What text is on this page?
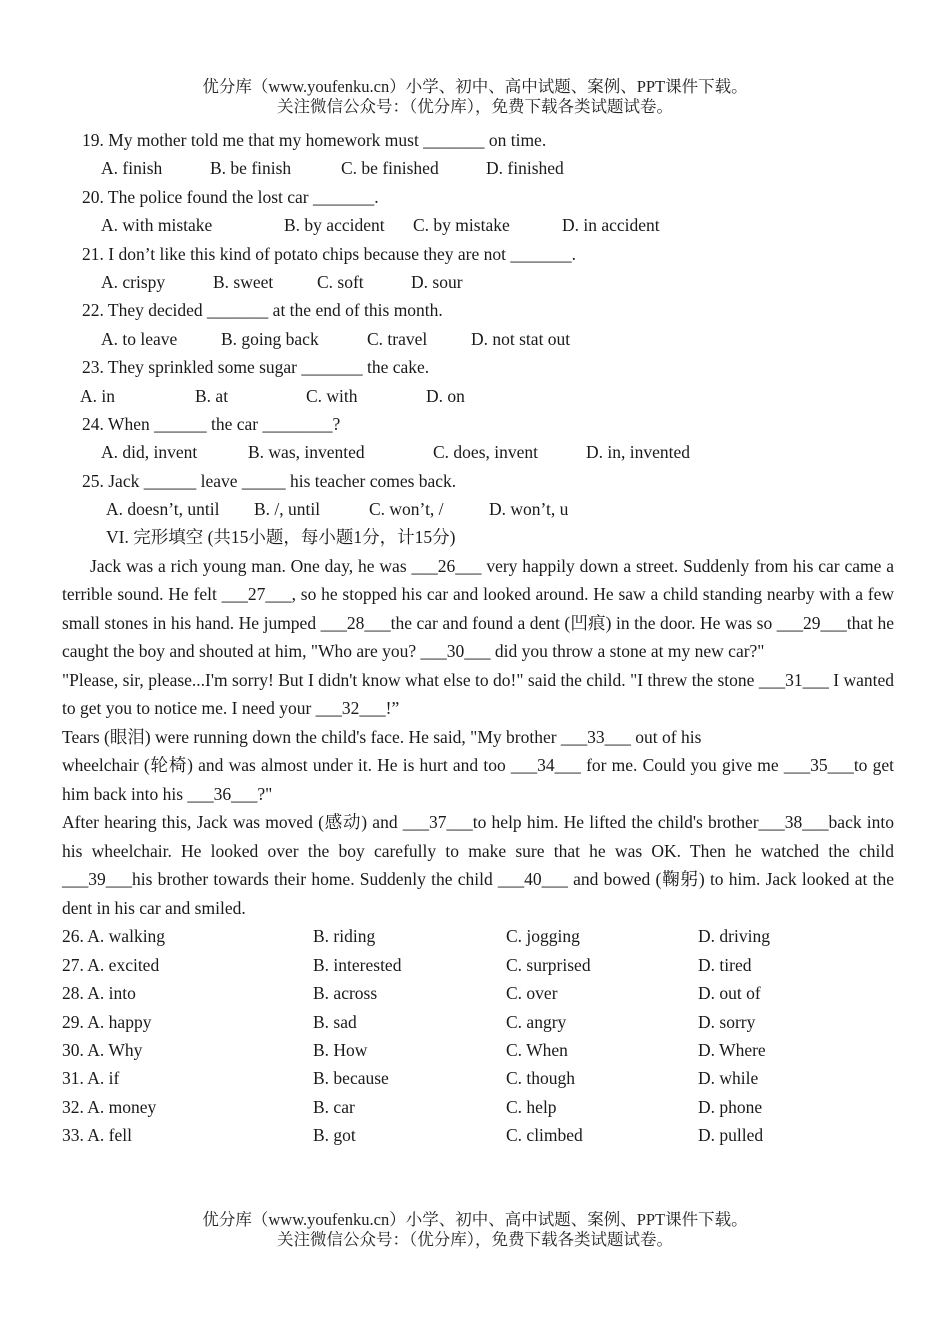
优分库（www.youfenku.cn）小学、初中、高中试题、案例、PPT课件下载。
关注微信公众号：（优分库），免费下载各类试题试卷。
19. My mother told me that my homework must _______ on time.
A. finish	B. be finish	C. be finished	D. finished
20. The police found the lost car _______.
A. with mistake	B. by accident C. by mistake	D. in accident
21. I don’t like this kind of potato chips because they are not _______.
A. crispy	B. sweet C. soft	D. sour
22. They decided _______ at the end of this month.
A. to leave B. going back	C. travel D. not stat out
23. They sprinkled some sugar _______ the cake.
A. in	B. at	C. with	D. on
24. When ______ the car ________?
A. did, invent	B. was, invented	C. does, invent	D. in, invented
25. Jack ______ leave _____ his teacher comes back.
A. doesn’t, until B. /, until	C. won’t, /	D. won’t, u
VI. 完形填空 (共15小题，每小题1分，计15分)

Jack was a rich young man. One day, he was ___26___ very happily down a street. Suddenly from his car came a terrible sound. He felt ___27___, so he stopped his car and looked around. He saw a child standing nearby with a few small stones in his hand. He jumped ___28___the car and found a dent (凹痕) in the door. He was so ___29___that he caught the boy and shouted at him, "Who are you? ___30___ did you throw a stone at my new car?"

"Please, sir, please...I'm sorry! But I didn't know what else to do!" said the child. "I threw the stone ___31___ I wanted to get you to notice me. I need your ___32___!”

Tears (眼泪) were running down the child's face. He said, "My brother ___33___ out of his

wheelchair (轮椅) and was almost under it. He is hurt and too ___34___ for me. Could you give me ___35___to get him back into his ___36___?"

After hearing this, Jack was moved (感动) and ___37___to help him. He lifted the child's brother___38___back into his wheelchair. He looked over the boy carefully to make sure that he was OK. Then he watched the child ___39___his brother towards their home. Suddenly the child ___40___ and bowed (鞠躬) to him. Jack looked at the dent in his car and smiled.

26. A. walking	B. riding	C. jogging	D. driving
27. A. excited	B. interested	C. surprised	D. tired
28. A. into	B. across	C. over	D. out of
29. A. happy	B. sad	C. angry	D. sorry
30. A. Why	B. How	C. When	D. Where
31. A. if	B. because	C. though	D. while
32. A. money	B. car	C. help	D. phone
33. A. fell	B. got	C. climbed	D. pulled
优分库（www.youfenku.cn）小学、初中、高中试题、案例、PPT课件下载。
关注微信公众号：（优分库），免费下载各类试题试卷。
